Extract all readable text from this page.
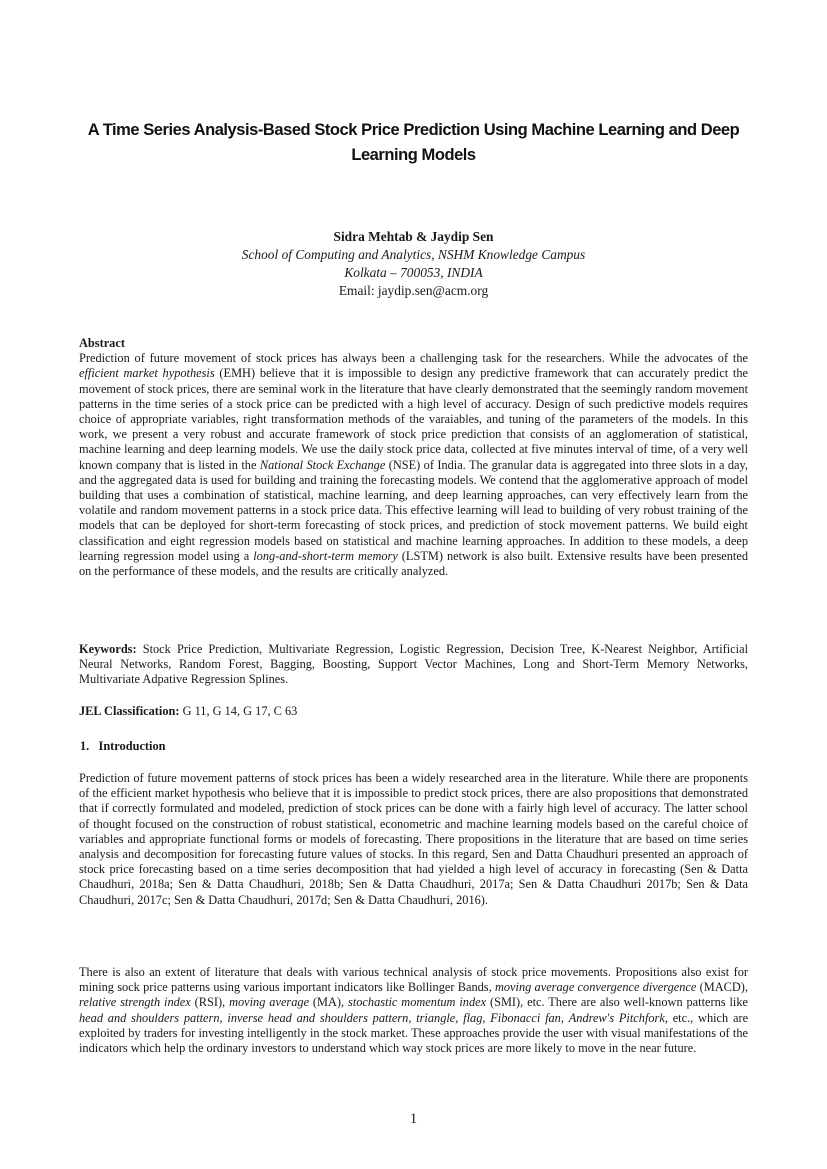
A Time Series Analysis-Based Stock Price Prediction Using Machine Learning and Deep Learning Models
Sidra Mehtab & Jaydip Sen
School of Computing and Analytics, NSHM Knowledge Campus
Kolkata – 700053, INDIA
Email: jaydip.sen@acm.org
Abstract
Prediction of future movement of stock prices has always been a challenging task for the researchers. While the advocates of the efficient market hypothesis (EMH) believe that it is impossible to design any predictive framework that can accurately predict the movement of stock prices, there are seminal work in the literature that have clearly demonstrated that the seemingly random movement patterns in the time series of a stock price can be predicted with a high level of accuracy. Design of such predictive models requires choice of appropriate variables, right transformation methods of the varaiables, and tuning of the parameters of the models. In this work, we present a very robust and accurate framework of stock price prediction that consists of an agglomeration of statistical, machine learning and deep learning models. We use the daily stock price data, collected at five minutes interval of time, of a very well known company that is listed in the National Stock Exchange (NSE) of India. The granular data is aggregated into three slots in a day, and the aggregated data is used for building and training the forecasting models. We contend that the agglomerative approach of model building that uses a combination of statistical, machine learning, and deep learning approaches, can very effectively learn from the volatile and random movement patterns in a stock price data. This effective learning will lead to building of very robust training of the models that can be deployed for short-term forecasting of stock prices, and prediction of stock movement patterns. We build eight classification and eight regression models based on statistical and machine learning approaches. In addition to these models, a deep learning regression model using a long-and-short-term memory (LSTM) network is also built. Extensive results have been presented on the performance of these models, and the results are critically analyzed.
Keywords: Stock Price Prediction, Multivariate Regression, Logistic Regression, Decision Tree, K-Nearest Neighbor, Artificial Neural Networks, Random Forest, Bagging, Boosting, Support Vector Machines, Long and Short-Term Memory Networks, Multivariate Adpative Regression Splines.
JEL Classification: G 11, G 14, G 17, C 63
1.   Introduction
Prediction of future movement patterns of stock prices has been a widely researched area in the literature. While there are proponents of the efficient market hypothesis who believe that it is impossible to predict stock prices, there are also propositions that demonstrated that if correctly formulated and modeled, prediction of stock prices can be done with a fairly high level of accuracy. The latter school of thought focused on the construction of robust statistical, econometric and machine learning models based on the careful choice of variables and appropriate functional forms or models of forecasting. There propositions in the literature that are based on time series analysis and decomposition for forecasting future values of stocks. In this regard, Sen and Datta Chaudhuri presented an approach of stock price forecasting based on a time series decomposition that had yielded a high level of accuracy in forecasting (Sen & Datta Chaudhuri, 2018a; Sen & Datta Chaudhuri, 2018b; Sen & Datta Chaudhuri, 2017a; Sen & Datta Chaudhuri 2017b; Sen & Data Chaudhuri, 2017c; Sen & Datta Chaudhuri, 2017d; Sen & Datta Chaudhuri, 2016).
There is also an extent of literature that deals with various technical analysis of stock price movements. Propositions also exist for mining sock price patterns using various important indicators like Bollinger Bands, moving average convergence divergence (MACD), relative strength index (RSI), moving average (MA), stochastic momentum index (SMI), etc. There are also well-known patterns like head and shoulders pattern, inverse head and shoulders pattern, triangle, flag, Fibonacci fan, Andrew's Pitchfork, etc., which are exploited by traders for investing intelligently in the stock market. These approaches provide the user with visual manifestations of the indicators which help the ordinary investors to understand which way stock prices are more likely to move in the near future.
1
